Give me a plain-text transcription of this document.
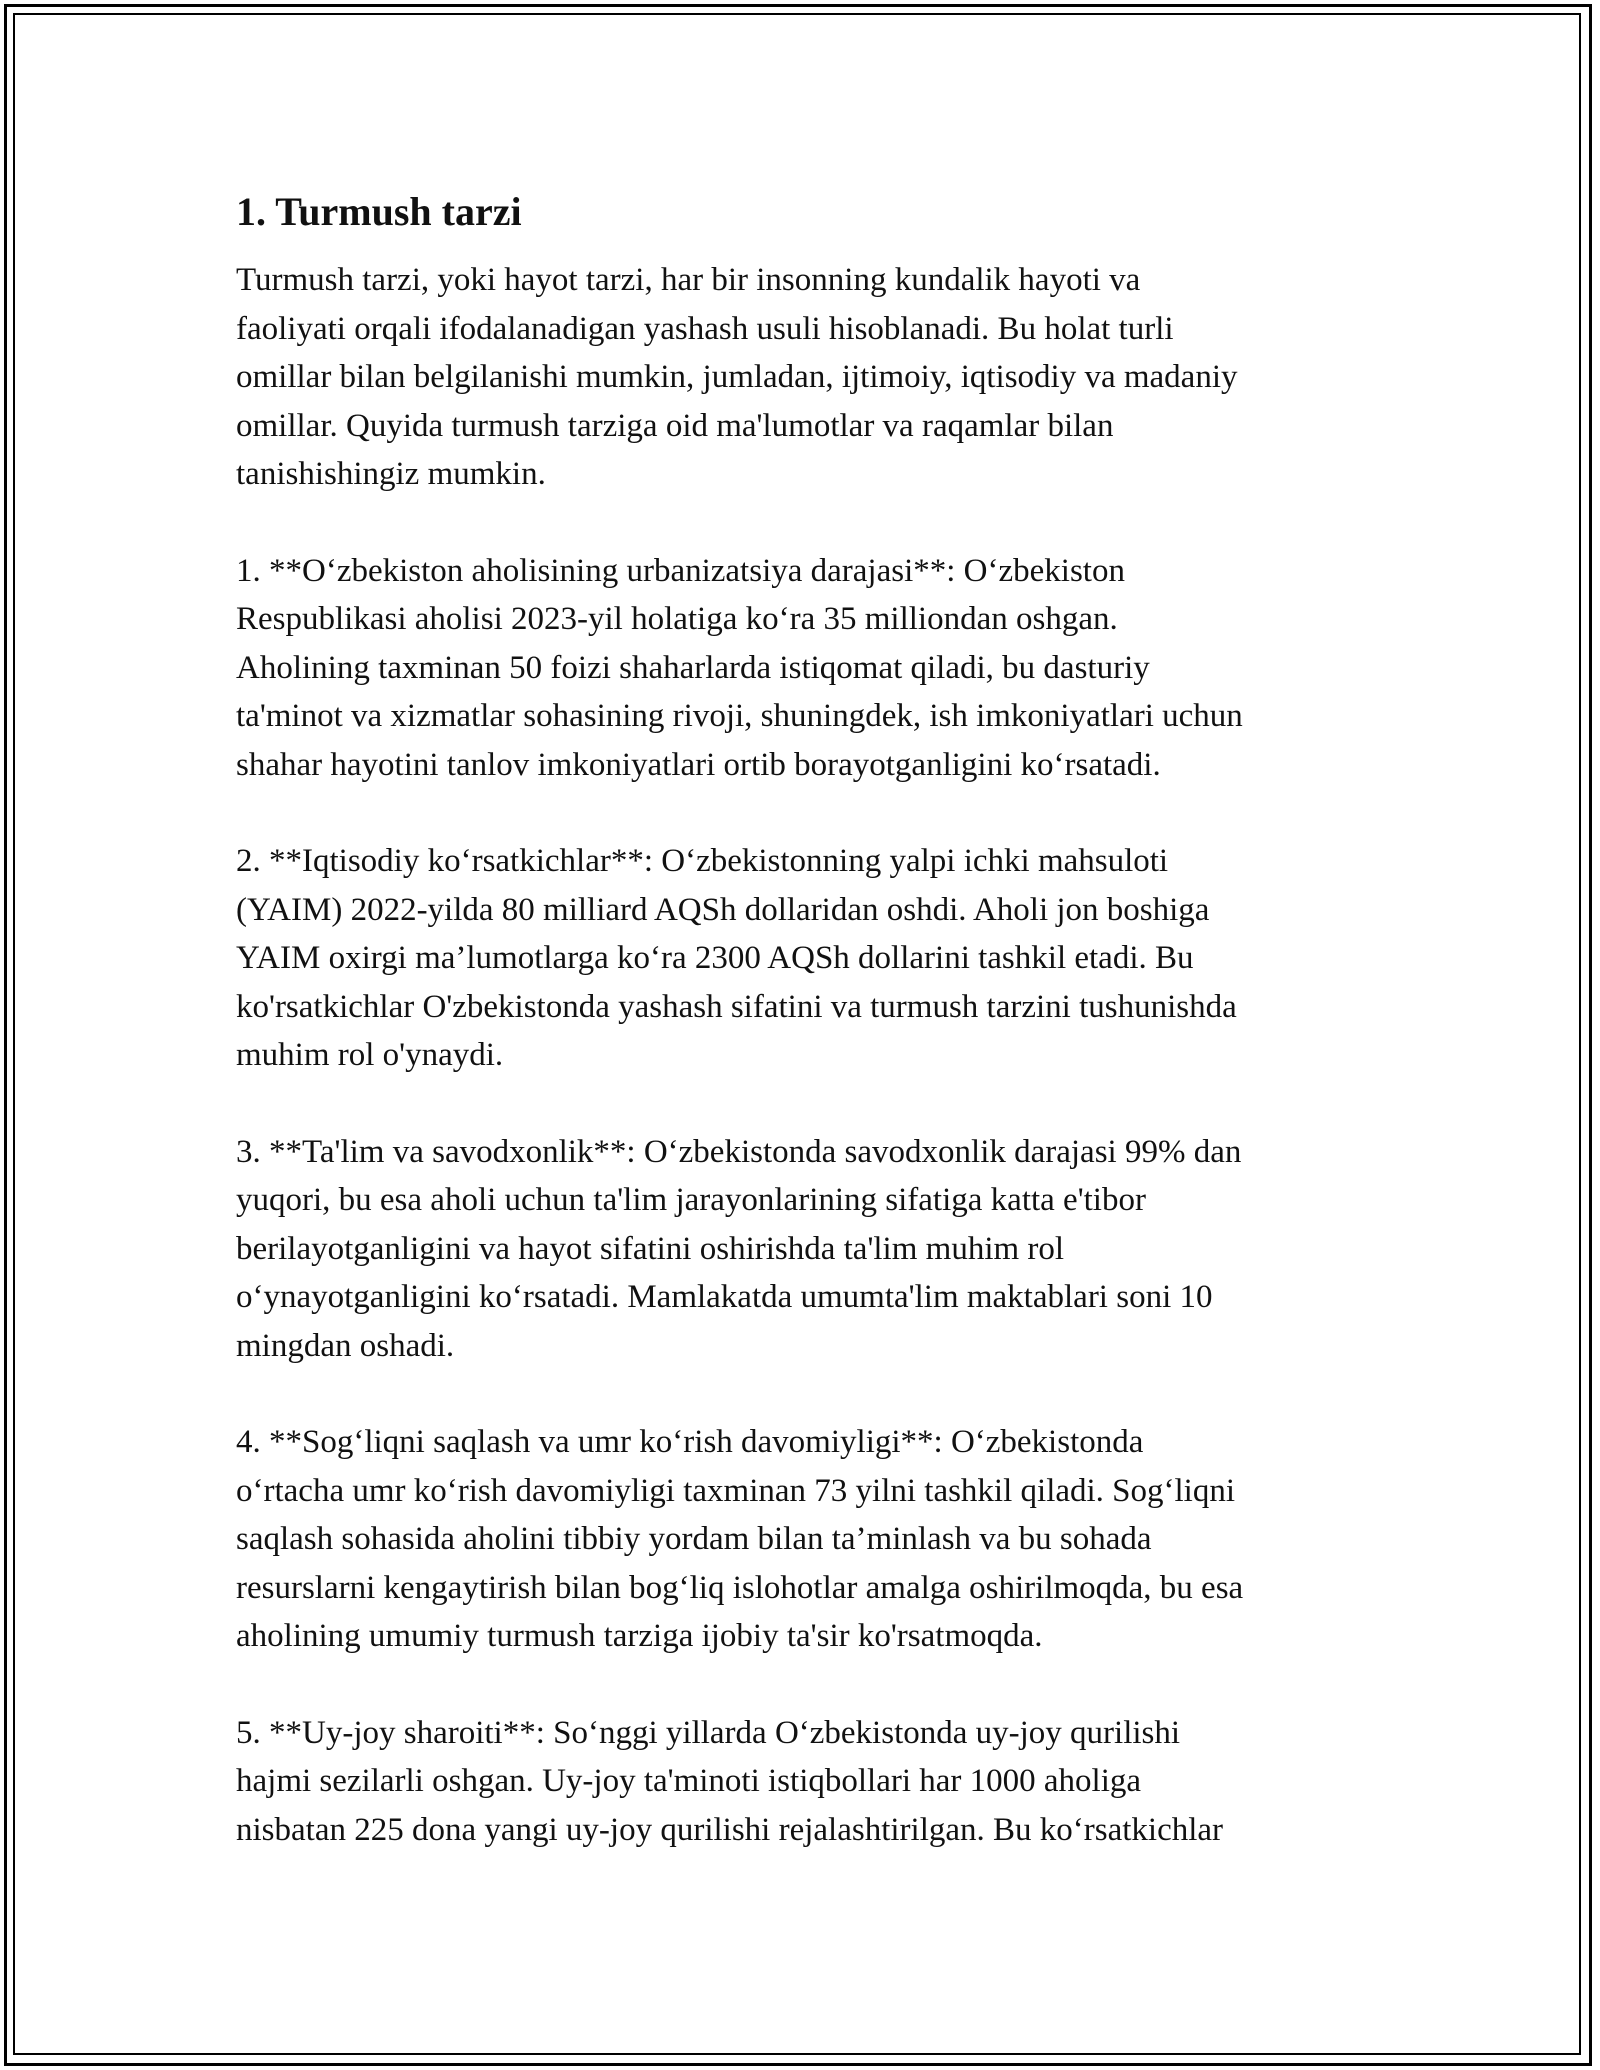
1. Turmush tarzi

Turmush tarzi, yoki hayot tarzi, har bir insonning kundalik hayoti va
faoliyati orqali ifodalanadigan yashash usuli hisoblanadi. Bu holat turli
omillar bilan belgilanishi mumkin, jumladan, ijtimoiy, iqtisodiy va madaniy
omillar. Quyida turmush tarziga oid ma'lumotlar va raqamlar bilan
tanishishingiz mumkin.

1. **Oʻzbekiston aholisining urbanizatsiya darajasi**: Oʻzbekiston
Respublikasi aholisi 2023-yil holatiga koʻra 35 milliondan oshgan.
Aholining taxminan 50 foizi shaharlarda istiqomat qiladi, bu dasturiy
ta'minot va xizmatlar sohasining rivoji, shuningdek, ish imkoniyatlari uchun
shahar hayotini tanlov imkoniyatlari ortib borayotganligini koʻrsatadi.

2. **Iqtisodiy koʻrsatkichlar**: Oʻzbekistonning yalpi ichki mahsuloti
(YAIM) 2022-yilda 80 milliard AQSh dollaridan oshdi. Aholi jon boshiga
YAIM oxirgi ma’lumotlarga koʻra 2300 AQSh dollarini tashkil etadi. Bu
ko'rsatkichlar O'zbekistonda yashash sifatini va turmush tarzini tushunishda
muhim rol o'ynaydi.

3. **Ta'lim va savodxonlik**: Oʻzbekistonda savodxonlik darajasi 99% dan
yuqori, bu esa aholi uchun ta'lim jarayonlarining sifatiga katta e'tibor
berilayotganligini va hayot sifatini oshirishda ta'lim muhim rol
oʻynayotganligini koʻrsatadi. Mamlakatda umumta'lim maktablari soni 10
mingdan oshadi.

4. **Sogʻliqni saqlash va umr koʻrish davomiyligi**: Oʻzbekistonda
oʻrtacha umr koʻrish davomiyligi taxminan 73 yilni tashkil qiladi. Sogʻliqni
saqlash sohasida aholini tibbiy yordam bilan ta’minlash va bu sohada
resurslarni kengaytirish bilan bogʻliq islohotlar amalga oshirilmoqda, bu esa
aholining umumiy turmush tarziga ijobiy ta'sir ko'rsatmoqda.

5. **Uy-joy sharoiti**: Soʻnggi yillarda Oʻzbekistonda uy-joy qurilishi
hajmi sezilarli oshgan. Uy-joy ta'minoti istiqbollari har 1000 aholiga
nisbatan 225 dona yangi uy-joy qurilishi rejalashtirilgan. Bu koʻrsatkichlar
